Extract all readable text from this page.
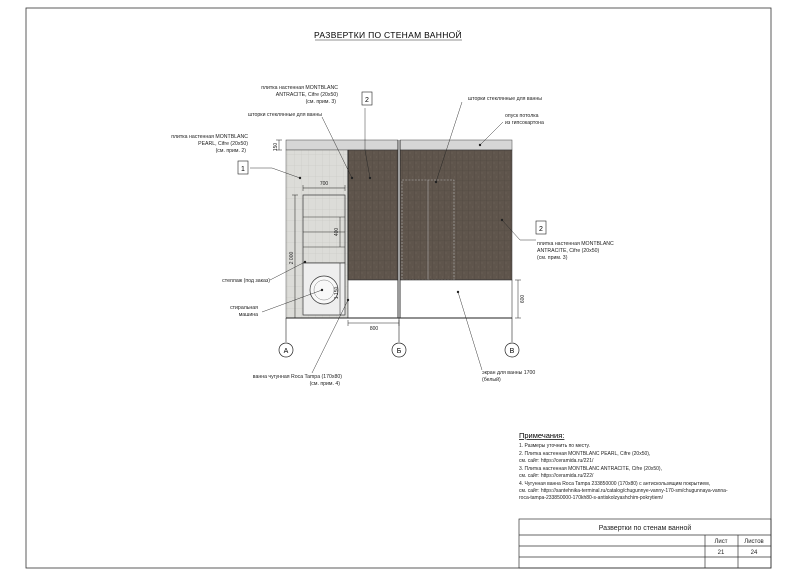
РАЗВЕРТКИ ПО СТЕНАМ ВАННОЙ
А	Б	В
150
700
2 000
400
1 150
800
600
2
1
2
плитка настенная MONTBLANC
ANTRACITE, Cifre (20x50)
(см. прим. 3)
шторки стеклянные для ванны
плитка настенная MONTBLANC
PEARL, Cifre (20x50)
(см. прим. 2)
стеллаж (под заказ)
стиральная
машина
ванна чугунная Roca Tampa (170x80)
(см. прим. 4)
шторки стеклянные для ванны
опуск потолка
из гипсокартона
плитка настенная MONTBLANC
ANTRACITE, Cifre (20x50)
(см. прим. 3)
экран для ванны 1700
(белый)
Примечания:
1. Размеры уточнить по месту.
2. Плитка настенная MONTBLANC PEARL, Cifre (20x50),
см. сайт: https://ceramida.ru/221/
3. Плитка настенная MONTBLANC ANTRACITE, Cifre (20x50),
см. сайт: https://ceramida.ru/222/
4. Чугунная ванна Roca Tampa 233850000 (170x80) с антискользящим покрытием,
см. сайт: https://santehnika-terminal.ru/catalog/chugunnye-vanny-170-sm/chugunnaya-vanna-
roca-tampa-233850000-170kh80-s-antiskolzyashchim-pokrytiem/
Развертки по стенам ванной
Лист	Листов
21	24
